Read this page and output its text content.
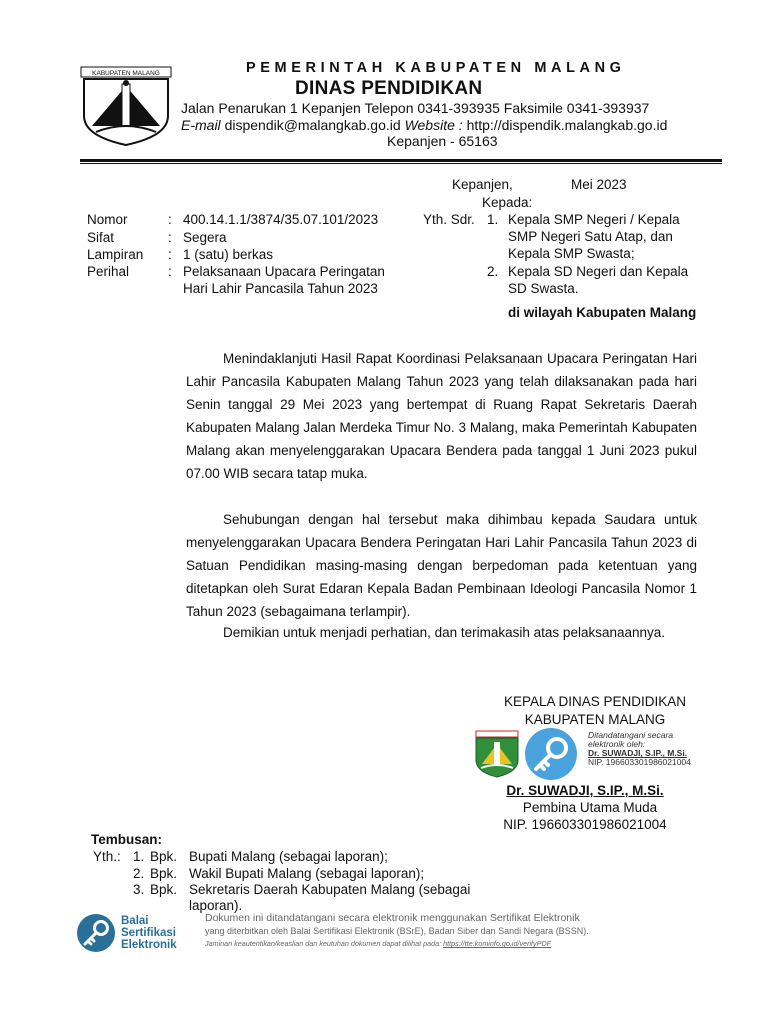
KABUPATEN MALANG	PEMERINTAH KABUPATEN MALANG
DINAS PENDIDIKAN
Jalan Penarukan 1 Kepanjen Telepon 0341-393935 Faksimile 0341-393937
E-mail dispendik@malangkab.go.id Website : http://dispendik.malangkab.go.id
Kepanjen - 65163
Kepanjen,	Mei 2023
Kepada:
Yth. Sdr. 1. Kepala SMP Negeri / Kepala
SMP Negeri Satu Atap, dan
Kepala SMP Swasta;
2. Kepala SD Negeri dan Kepala
SD Swasta.
di wilayah Kabupaten Malang
Nomor	: 400.14.1.1/3874/35.07.101/2023
Sifat	: Segera
Lampiran : 1 (satu) berkas
Perihal	: Pelaksanaan Upacara Peringatan
Hari Lahir Pancasila Tahun 2023
Menindaklanjuti Hasil Rapat Koordinasi Pelaksanaan Upacara Peringatan Hari Lahir Pancasila Kabupaten Malang Tahun 2023 yang telah dilaksanakan pada hari Senin tanggal 29 Mei 2023 yang bertempat di Ruang Rapat Sekretaris Daerah Kabupaten Malang Jalan Merdeka Timur No. 3 Malang, maka Pemerintah Kabupaten Malang akan menyelenggarakan Upacara Bendera pada tanggal 1 Juni 2023 pukul 07.00 WIB secara tatap muka.
Sehubungan dengan hal tersebut maka dihimbau kepada Saudara untuk menyelenggarakan Upacara Bendera Peringatan Hari Lahir Pancasila Tahun 2023 di Satuan Pendidikan masing-masing dengan berpedoman pada ketentuan yang ditetapkan oleh Surat Edaran Kepala Badan Pembinaan Ideologi Pancasila Nomor 1 Tahun 2023 (sebagaimana terlampir).
Demikian untuk menjadi perhatian, dan terimakasih atas pelaksanaannya.
KEPALA DINAS PENDIDIKAN
KABUPATEN MALANG
Ditandatangani secara
elektronik oleh:
Dr. SUWADJI, S.IP., M.Si.
NIP. 196603301986021004
Dr. SUWADJI, S.IP., M.Si.
Pembina Utama Muda
NIP. 196603301986021004
Tembusan:
Yth.: 1. Bpk. Bupati Malang (sebagai laporan);
2. Bpk. Wakil Bupati Malang (sebagai laporan);
3. Bpk. Sekretaris Daerah Kabupaten Malang (sebagai
laporan).
Balai
Sertifikasi
Elektronik
Dokumen ini ditandatangani secara elektronik menggunakan Sertifikat Elektronik
yang diterbitkan oleh Balai Sertifikasi Elektronik (BSrE), Badan Siber dan Sandi Negara (BSSN).
Jaminan keautentikan/keaslian dan keutuhan dokumen dapat dilihat pada: https://tte.kominfo.go.id/verifyPDF
